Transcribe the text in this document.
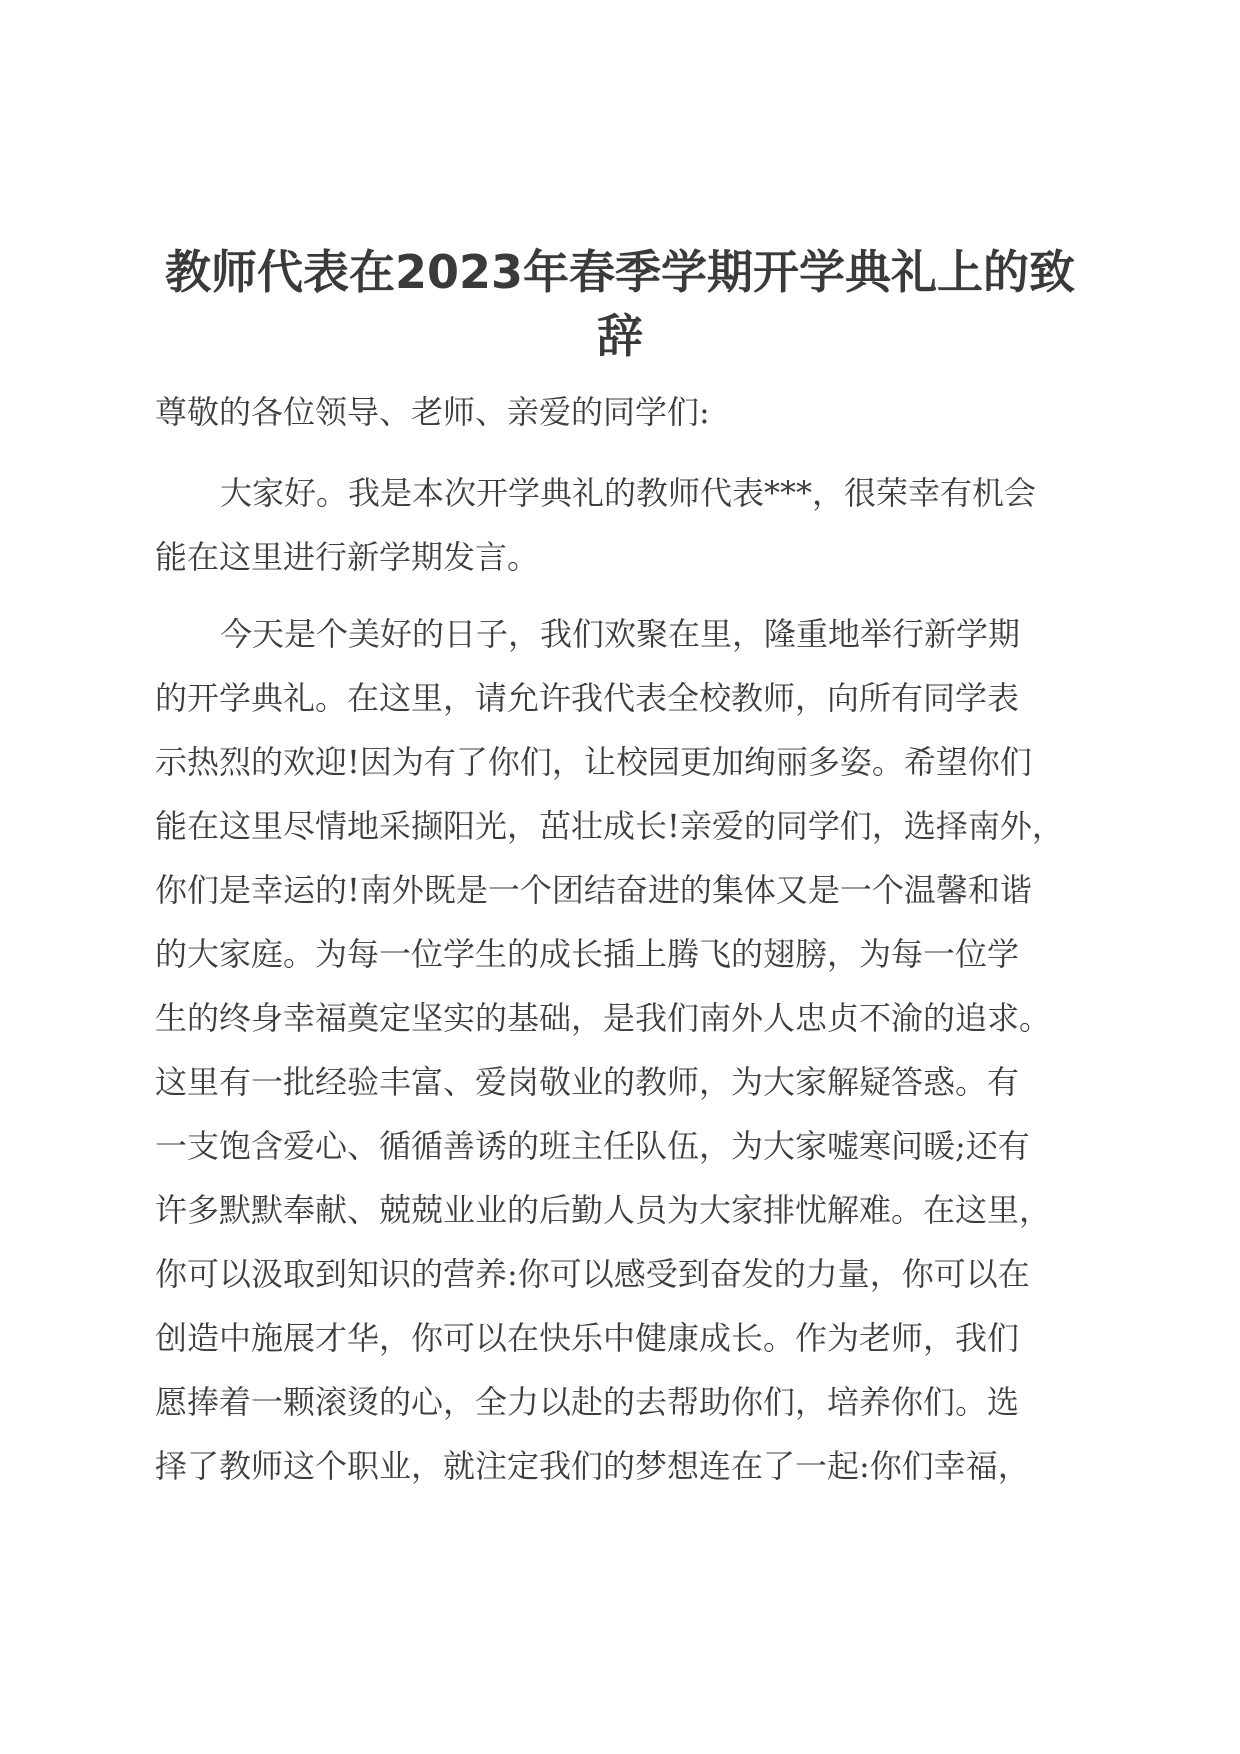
教师代表在2023年春季学期开学典礼上的致
辞

尊敬的各位领导、老师、亲爱的同学们:

大家好。我是本次开学典礼的教师代表***，很荣幸有机会
能在这里进行新学期发言。
今天是个美好的日子，我们欢聚在里，隆重地举行新学期
的开学典礼。在这里，请允许我代表全校教师，向所有同学表
示热烈的欢迎!因为有了你们，让校园更加绚丽多姿。希望你们
能在这里尽情地采撷阳光，茁壮成长!亲爱的同学们，选择南外，
你们是幸运的!南外既是一个团结奋进的集体又是一个温馨和谐
的大家庭。为每一位学生的成长插上腾飞的翅膀，为每一位学
生的终身幸福奠定坚实的基础，是我们南外人忠贞不渝的追求。
这里有一批经验丰富、爱岗敬业的教师，为大家解疑答惑。有
一支饱含爱心、循循善诱的班主任队伍，为大家嘘寒问暖;还有
许多默默奉献、兢兢业业的后勤人员为大家排忧解难。在这里，
你可以汲取到知识的营养:你可以感受到奋发的力量，你可以在
创造中施展才华，你可以在快乐中健康成长。作为老师，我们
愿捧着一颗滚烫的心，全力以赴的去帮助你们，培养你们。选
择了教师这个职业，就注定我们的梦想连在了一起:你们幸福，
